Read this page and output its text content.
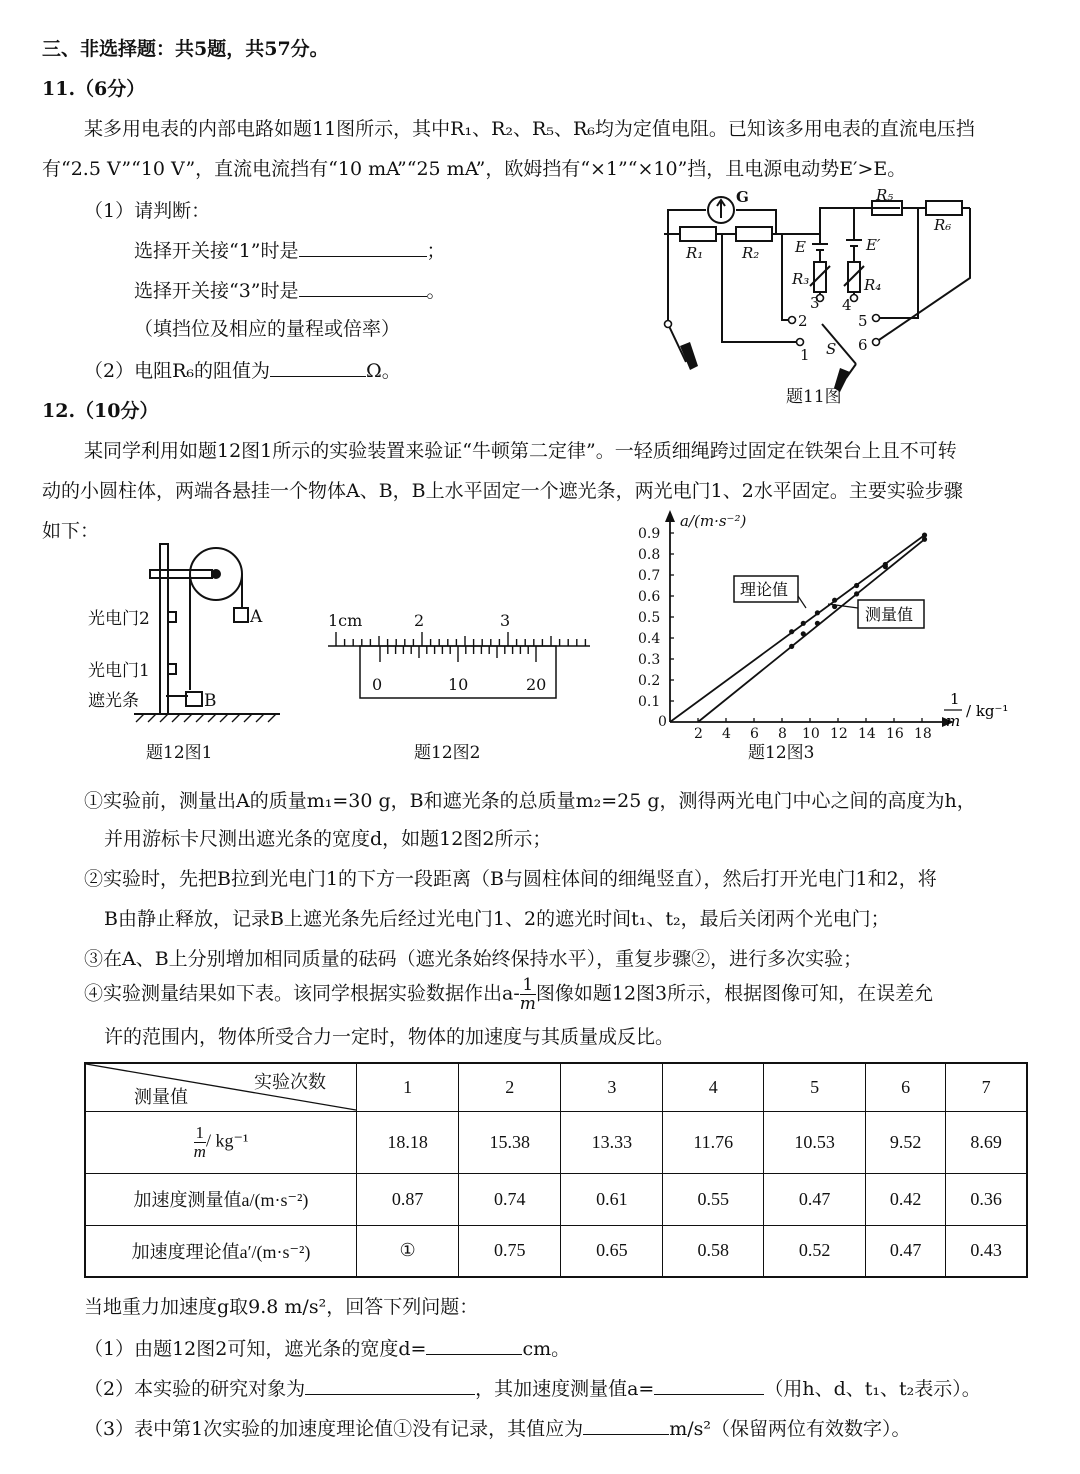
三、非选择题：共5题，共57分。
11.（6分）
某多用电表的内部电路如题11图所示，其中R₁、R₂、R₅、R₆均为定值电阻。已知该多用电表的直流电压挡
有“2.5 V”“10 V”，直流电流挡有“10 mA”“25 mA”，欧姆挡有“×1”“×10”挡，且电源电动势E′>E。
（1）请判断：
选择开关接“1”时是	；
选择开关接“3”时是	。
（填挡位及相应的量程或倍率）
（2）电阻R₆的阻值为	Ω。
G
R₁	R₂ E	E′
R₃	R₄
R₅
R₆
3 4
5
6
2
1 S
题11图
12.（10分）
某同学利用如题12图1所示的实验装置来验证“牛顿第二定律”。一轻质细绳跨过固定在铁架台上且不可转
动的小圆柱体，两端各悬挂一个物体A、B，B上水平固定一个遮光条，两光电门1、2水平固定。主要实验步骤
如下：
光电门2
光电门1
遮光条
A
B
题12图1
1cm	2	3
0	10	20
题12图2
2 4 6 8 10 12 14 16 18
0.1
0.2
0.3
0.4
0.5
0.6
0.7
0.8
0.9
a/(m·s⁻²)
0
1
m
/ kg⁻¹
理论值
测量值
题12图3
①实验前，测量出A的质量m₁=30 g，B和遮光条的总质量m₂=25 g，测得两光电门中心之间的高度为h，
并用游标卡尺测出遮光条的宽度d，如题12图2所示；
②实验时，先把B拉到光电门1的下方一段距离（B与圆柱体间的细绳竖直），然后打开光电门1和2，将
B由静止释放，记录B上遮光条先后经过光电门1、2的遮光时间t₁、t₂，最后关闭两个光电门；
③在A、B上分别增加相同质量的砝码（遮光条始终保持水平），重复步骤②，进行多次实验；
④实验测量结果如下表。该同学根据实验数据作出$a- \frac{1}{m}$ 图像如题12图3所示，根据图像可知，在误差允
许的范围内，物体所受合力一定时，物体的加速度与其质量成反比。
实验次数
测量值	1	2	3	4	5	6	7

$\frac{1}{m} / kg^{-1}$	18.18	15.38	13.33	11.76	10.53	9.52	8.69
加速度测量值a/(m·s⁻²)	0.87	0.74	0.61	0.55	0.47	0.42	0.36
加速度理论值a′/(m·s⁻²)	①	0.75	0.65	0.58	0.52	0.47	0.43
当地重力加速度g取9.8 m/s²，回答下列问题：
（1）由题12图2可知，遮光条的宽度d=	cm。
（2）本实验的研究对象为	，其加速度测量值a=	（用h、d、t₁、t₂表示）。
（3）表中第1次实验的加速度理论值①没有记录，其值应为	m/s²（保留两位有效数字）。
